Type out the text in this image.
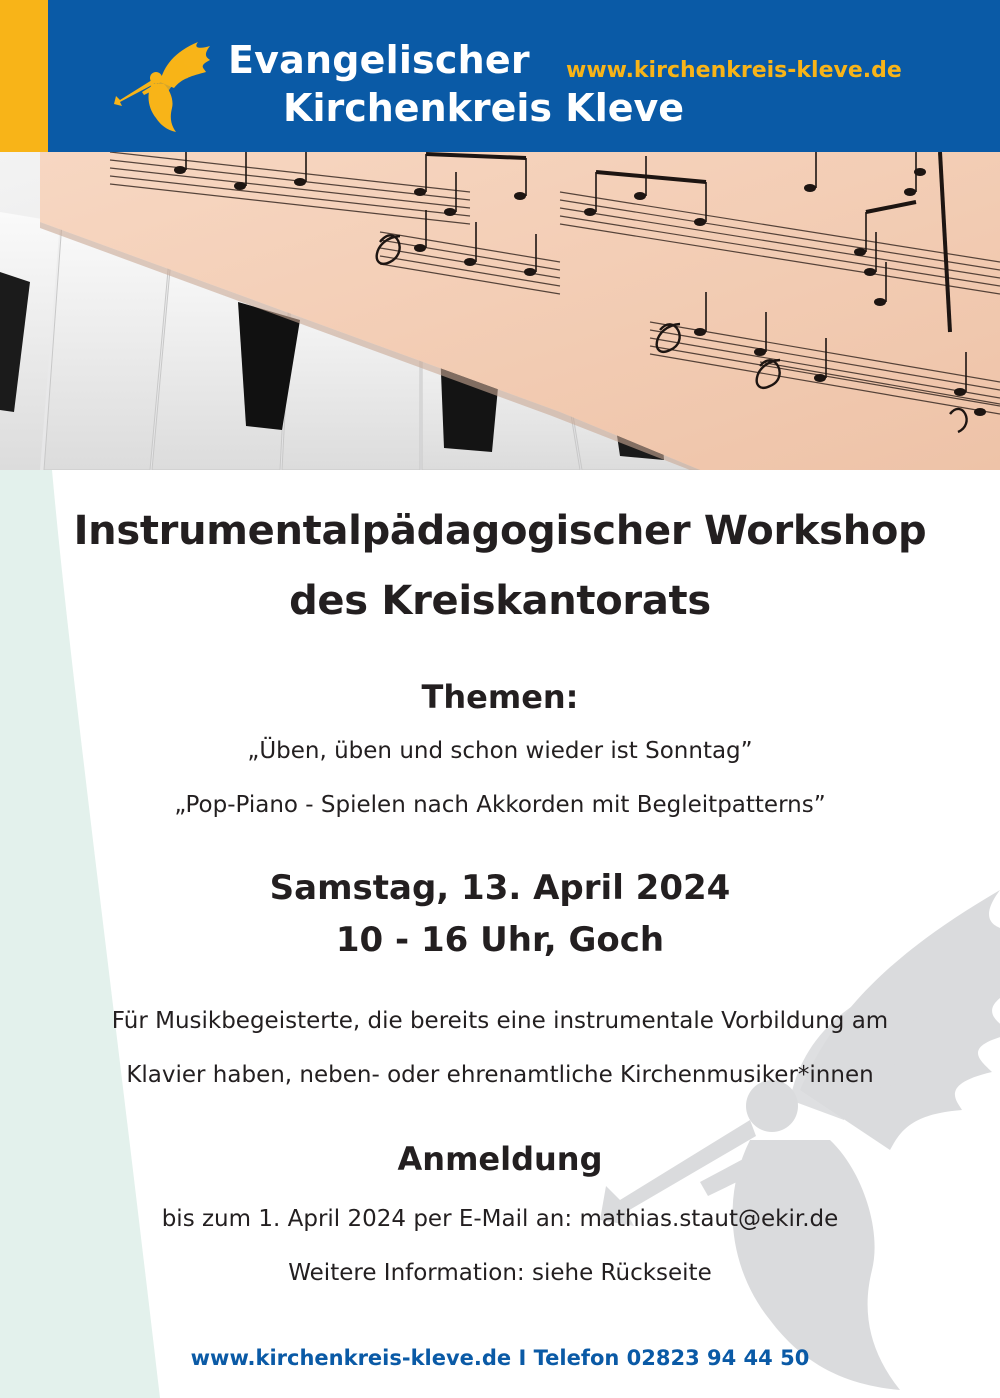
Evangelischer
Kirchenkreis Kleve
www.kirchenkreis-kleve.de
Instrumentalpädagogischer Workshop
des Kreiskantorats
Themen:
„Üben, üben und schon wieder ist Sonntag”
„Pop-Piano - Spielen nach Akkorden mit Begleitpatterns”
Samstag, 13. April 2024
10 - 16 Uhr, Goch
Für Musikbegeisterte, die bereits eine instrumentale Vorbildung am
Klavier haben, neben- oder ehrenamtliche Kirchenmusiker*innen
Anmeldung
bis zum 1. April 2024 per E-Mail an: mathias.staut@ekir.de
Weitere Information: siehe Rückseite
www.kirchenkreis-kleve.de I Telefon 02823 94 44 50
